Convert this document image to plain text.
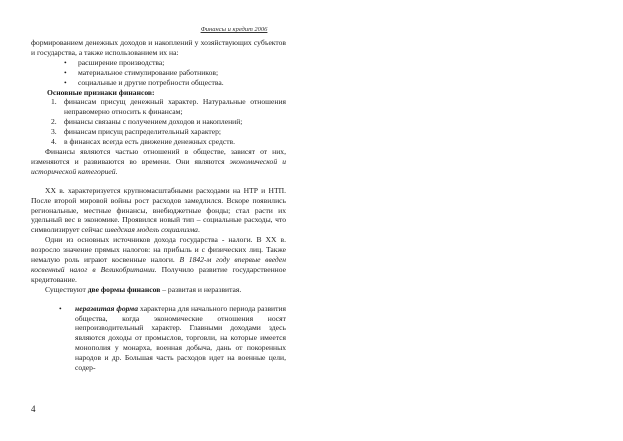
Финансы и кредит 2006

формированием денежных доходов и накоплений у хозяйствующих субъектов и государства, а также использованием их на:

• расширение производства;
• материальное стимулирование работников;
• социальные и другие потребности общества.

Основные признаки финансов:

1. финансам присущ денежный характер. Натуральные отношения неправомерно относить к финансам;
2. финансы связаны с получением доходов и накоплений;
3. финансам присущ распределительный характер;
4. в финансах всегда есть движение денежных средств.

Финансы являются частью отношений в обществе, зависят от них, изменяются и развиваются во времени. Они являются экономической и исторической категорией.

XX в. характеризуется крупномасштабными расходами на НТР и НТП. После второй мировой войны рост расходов замедлился. Вскоре появились региональные, местные финансы, внебюджетные фонды; стал расти их удельный вес в экономике. Проявился новый тип – социальные расходы, что символизирует сейчас шведская модель социализма.

Одни из основных источников дохода государства - налоги. В XX в. возросло значение прямых налогов: на прибыль и с физических лиц. Также немалую роль играют косвенные налоги. В 1842-м году впервые введен косвенный налог в Великобритании. Получило развитие государственное кредитование.

Существуют две формы финансов – развитая и неразвитая.

• неразвитая форма характерна для начального периода развития общества, когда экономические отношения носят непроизводительный характер. Главными доходами здесь являются доходы от промыслов, торговли, на которые имеется монополия у монарха, военная добыча, дань от покоренных народов и др. Большая часть расходов идет на военные цели, содер-
4
